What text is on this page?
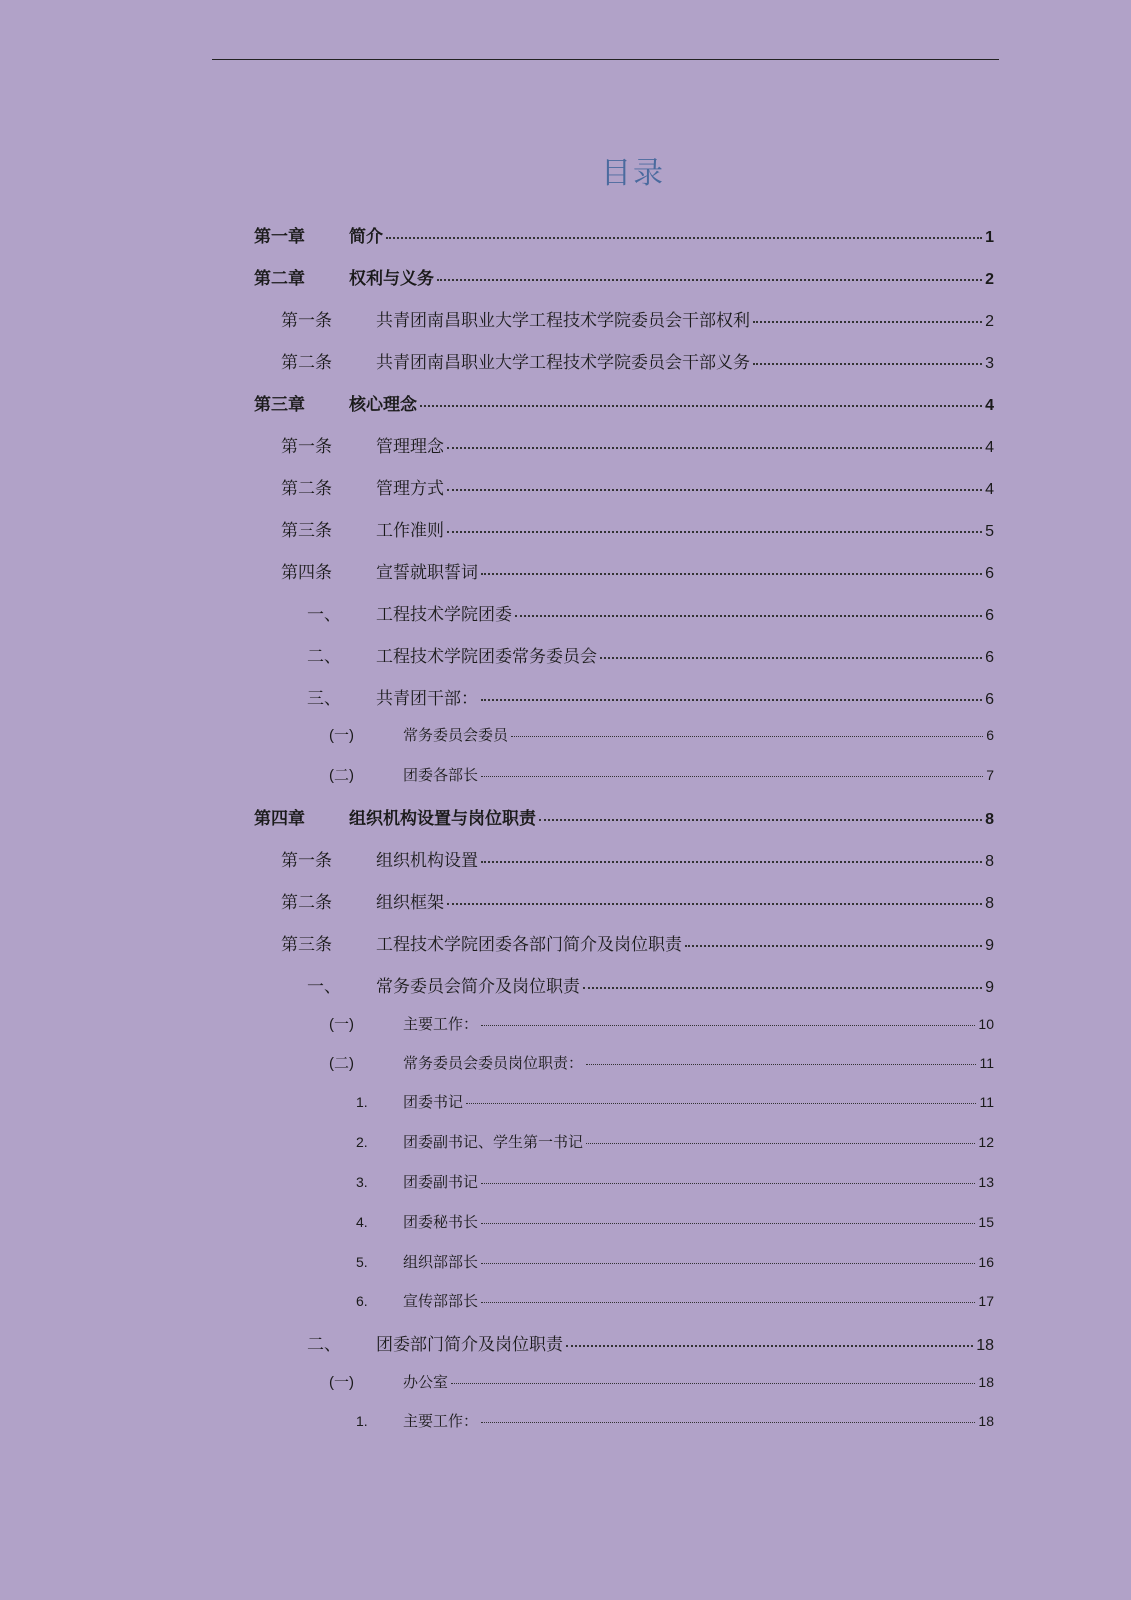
目录
第一章	简介	1
第二章	权利与义务	2
第一条	共青团南昌职业大学工程技术学院委员会干部权利	2
第二条	共青团南昌职业大学工程技术学院委员会干部义务	3
第三章	核心理念	4
第一条	管理理念	4
第二条	管理方式	4
第三条	工作准则	5
第四条	宣誓就职誓词	6
一、	工程技术学院团委	6
二、	工程技术学院团委常务委员会	6
三、	共青团干部：	6
(一)	常务委员会委员	6
(二)	团委各部长	7
第四章	组织机构设置与岗位职责	8
第一条	组织机构设置	8
第二条	组织框架	8
第三条	工程技术学院团委各部门简介及岗位职责	9
一、	常务委员会简介及岗位职责	9
(一)	主要工作：	10
(二)	常务委员会委员岗位职责：	11
1.	团委书记	11
2.	团委副书记、学生第一书记	12
3.	团委副书记	13
4.	团委秘书长	15
5.	组织部部长	16
6.	宣传部部长	17
二、	团委部门简介及岗位职责	18
(一)	办公室	18
1.	主要工作：	18
